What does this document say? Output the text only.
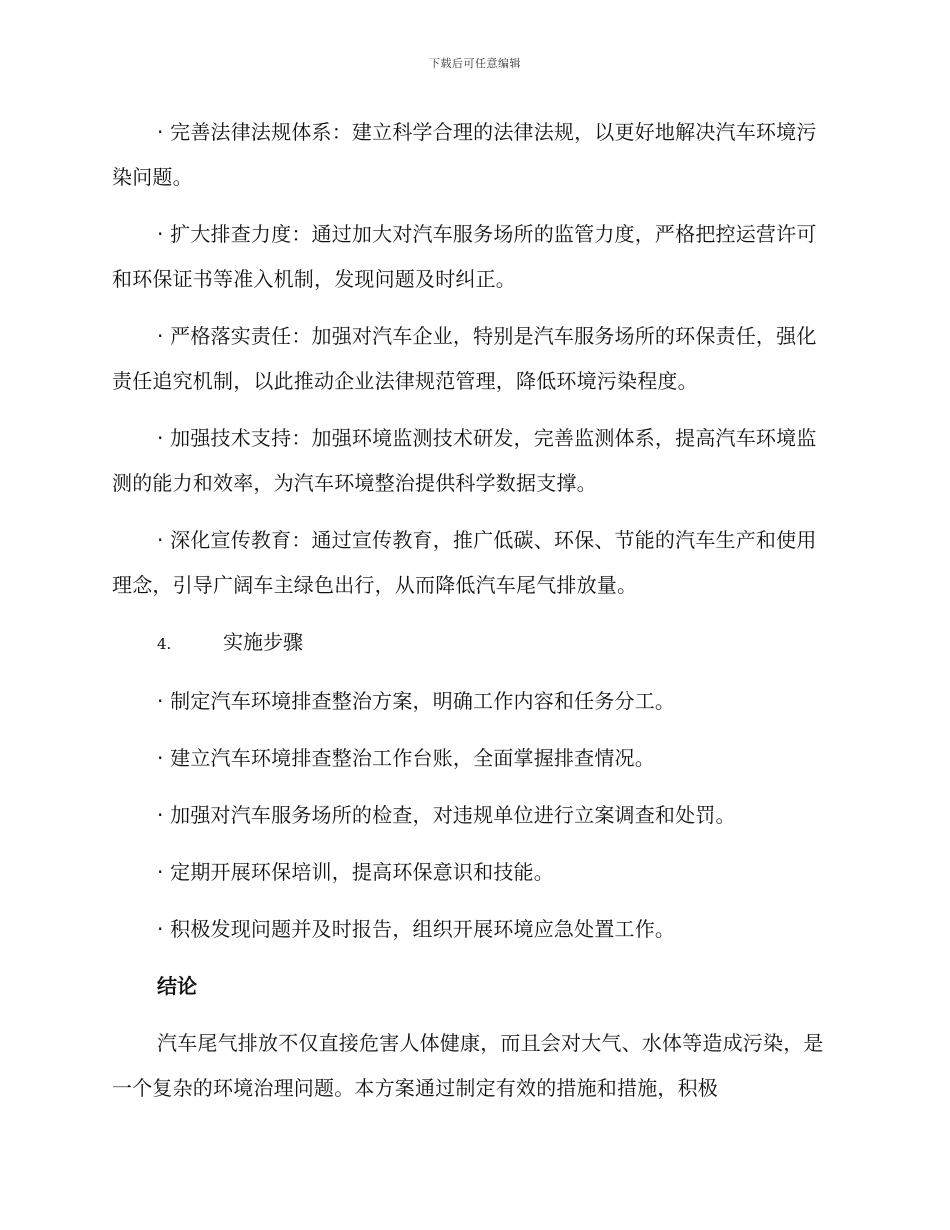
下载后可任意编辑

· 完善法律法规体系：建立科学合理的法律法规，以更好地解决汽车环境污染问题。

· 扩大排查力度：通过加大对汽车服务场所的监管力度，严格把控运营许可和环保证书等准入机制，发现问题及时纠正。

· 严格落实责任：加强对汽车企业，特别是汽车服务场所的环保责任，强化责任追究机制，以此推动企业法律规范管理，降低环境污染程度。

· 加强技术支持：加强环境监测技术研发，完善监测体系，提高汽车环境监测的能力和效率，为汽车环境整治提供科学数据支撑。

· 深化宣传教育：通过宣传教育，推广低碳、环保、节能的汽车生产和使用理念，引导广阔车主绿色出行，从而降低汽车尾气排放量。

4.	实施步骤
· 制定汽车环境排查整治方案，明确工作内容和任务分工。
· 建立汽车环境排查整治工作台账，全面掌握排查情况。
· 加强对汽车服务场所的检查，对违规单位进行立案调查和处罚。
· 定期开展环保培训，提高环保意识和技能。
· 积极发现问题并及时报告，组织开展环境应急处置工作。
结论

汽车尾气排放不仅直接危害人体健康，而且会对大气、水体等造成污染，是一个复杂的环境治理问题。本方案通过制定有效的措施和措施，积极
